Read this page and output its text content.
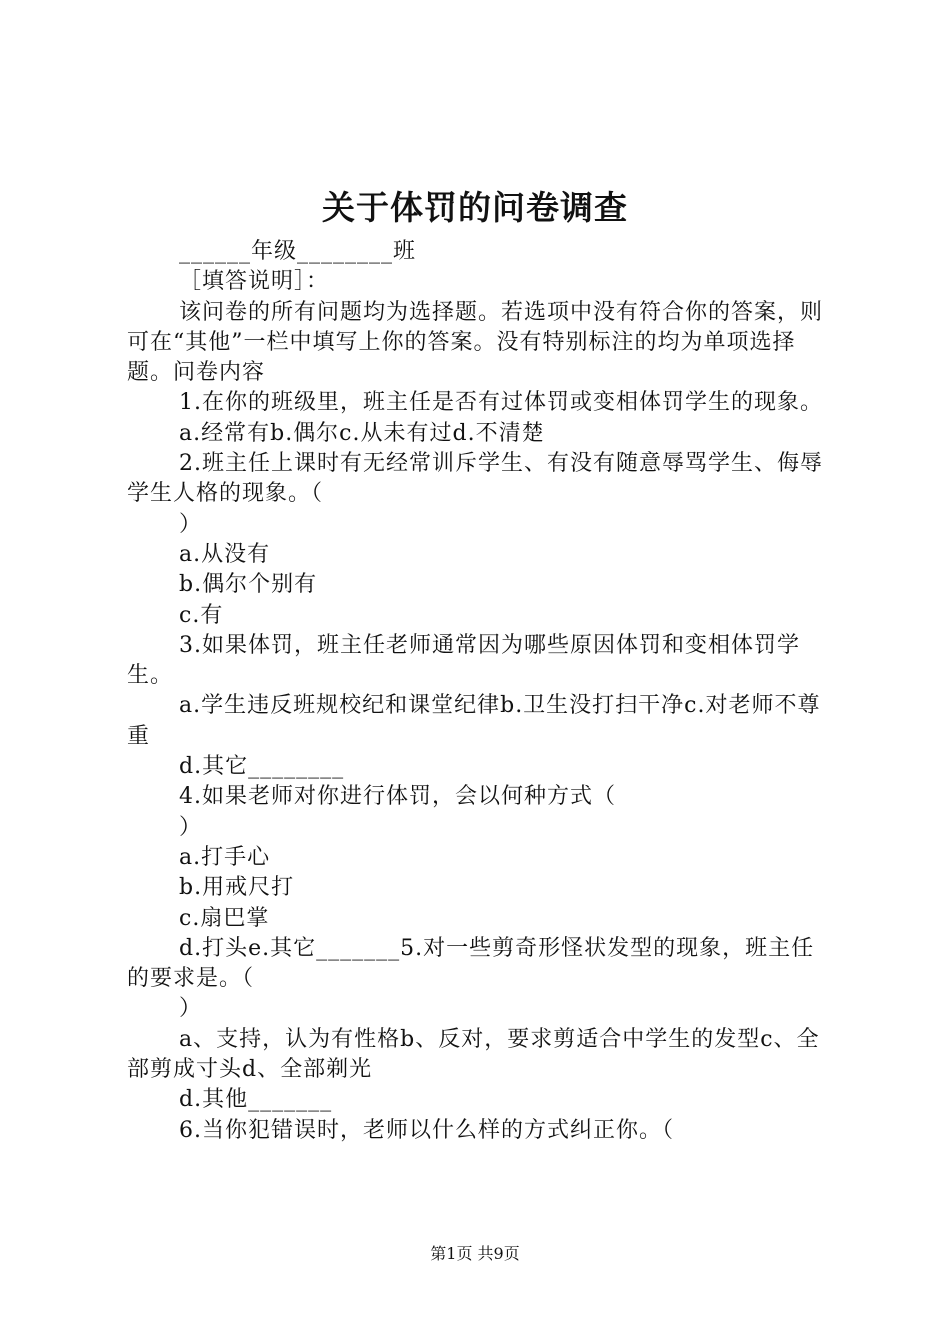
关于体罚的问卷调查

______年级________班

［填答说明］：

该问卷的所有问题均为选择题。若选项中没有符合你的答案，则可在“其他”一栏中填写上你的答案。没有特别标注的均为单项选择题。问卷内容

1.在你的班级里，班主任是否有过体罚或变相体罚学生的现象。

a.经常有b.偶尔c.从未有过d.不清楚

2.班主任上课时有无经常训斥学生、有没有随意辱骂学生、侮辱学生人格的现象。（

）

a.从没有

b.偶尔个别有

c.有

3.如果体罚，班主任老师通常因为哪些原因体罚和变相体罚学生。

a.学生违反班规校纪和课堂纪律b.卫生没打扫干净c.对老师不尊重

d.其它________

4.如果老师对你进行体罚，会以何种方式（

）

a.打手心

b.用戒尺打

c.扇巴掌

d.打头e.其它_______5.对一些剪奇形怪状发型的现象，班主任的要求是。（

）

a、支持，认为有性格b、反对，要求剪适合中学生的发型c、全部剪成寸头d、全部剃光

d.其他_______

6.当你犯错误时，老师以什么样的方式纠正你。（

第1页 共9页
